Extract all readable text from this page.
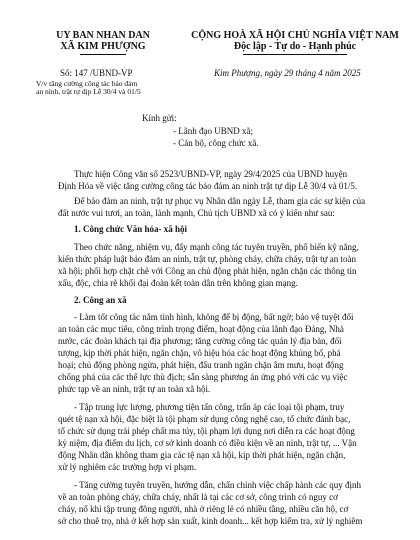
UY BAN NHAN DAN
XÃ KIM PHƯỢNG
CỘNG HOÀ XÃ HỘI CHỦ NGHĨA VIỆT NAM
Độc lập - Tự do - Hạnh phúc
Số: 147 /UBND-VP	Kim Phượng, ngày 29 tháng 4 năm 2025
V/v tăng cường công tác bảo đảm
an ninh, trật tự dịp Lễ 30/4 và 01/5
Kính gửi:
- Lãnh đạo UBND xã;
- Cán bộ, công chức xã.
Thực hiện Công văn số 2523/UBND-VP, ngày 29/4/2025 của UBND huyện
Định Hóa về việc tăng cường công tác bảo đảm an ninh trật tự dịp Lễ 30/4 và 01/5.
Để bảo đảm an ninh, trật tự phục vụ Nhân dân ngày Lễ, tham gia các sự kiện của
đất nước vui tươi, an toàn, lành mạnh, Chủ tịch UBND xã có ý kiến như sau:
1. Công chức Văn hóa- xã hội
Theo chức năng, nhiệm vụ, đẩy mạnh công tác tuyên truyền, phổ biến kỹ năng,
kiến thức pháp luật bảo đảm an ninh, trật tự, phòng cháy, chữa cháy, trật tự an toàn
xã hội; phối hợp chặt chẽ với Công an chủ động phát hiện, ngăn chặn các thông tin
xấu, độc, chia rẽ khối đại đoàn kết toàn dân trên không gian mạng.
2. Công an xã
- Làm tốt công tác nắm tình hình, không để bị động, bất ngờ; bảo vệ tuyệt đối
an toàn các mục tiêu, công trình trọng điểm, hoạt động của lãnh đạo Đảng, Nhà
nước, các đoàn khách tại địa phương; tăng cường công tác quản lý địa bàn, đối
tượng, kịp thời phát hiện, ngăn chặn, vô hiệu hóa các hoạt động khủng bố, phá
hoại; chủ động phòng ngừa, phát hiện, đấu tranh ngăn chặn âm mưu, hoạt động
chống phá của các thế lực thù địch; sẵn sàng phương án ứng phó với các vụ việc
phức tạp về an ninh, trật tự an toàn xã hội.
- Tập trung lực lượng, phương tiện tấn công, trấn áp các loại tội phạm, truy
quét tệ nạn xã hội, đặc biệt là tội phạm sử dụng công nghệ cao, tổ chức đánh bạc,
tổ chức sử dụng trái phép chất ma túy, tội phạm lợi dụng nơi diễn ra các hoạt động
kỷ niệm, địa điểm du lịch, cơ sở kinh doanh có điều kiện về an ninh, trật tự, ... Vận
động Nhân dân không tham gia các tệ nạn xã hội, kịp thời phát hiện, ngăn chặn,
xử lý nghiêm các trường hợp vi phạm.
- Tăng cường tuyên truyền, hướng dẫn, chấn chỉnh việc chấp hành các quy định
về an toàn phòng cháy, chữa cháy, nhất là tại các cơ sở, công trình có nguy cơ
cháy, nổ khi tập trung đông người, nhà ở riêng lẻ có nhiều tầng, nhiều căn hộ, cơ
sở cho thuê trọ, nhà ở kết hợp sản xuất, kinh doanh... kết hợp kiểm tra, xử lý nghiêm
